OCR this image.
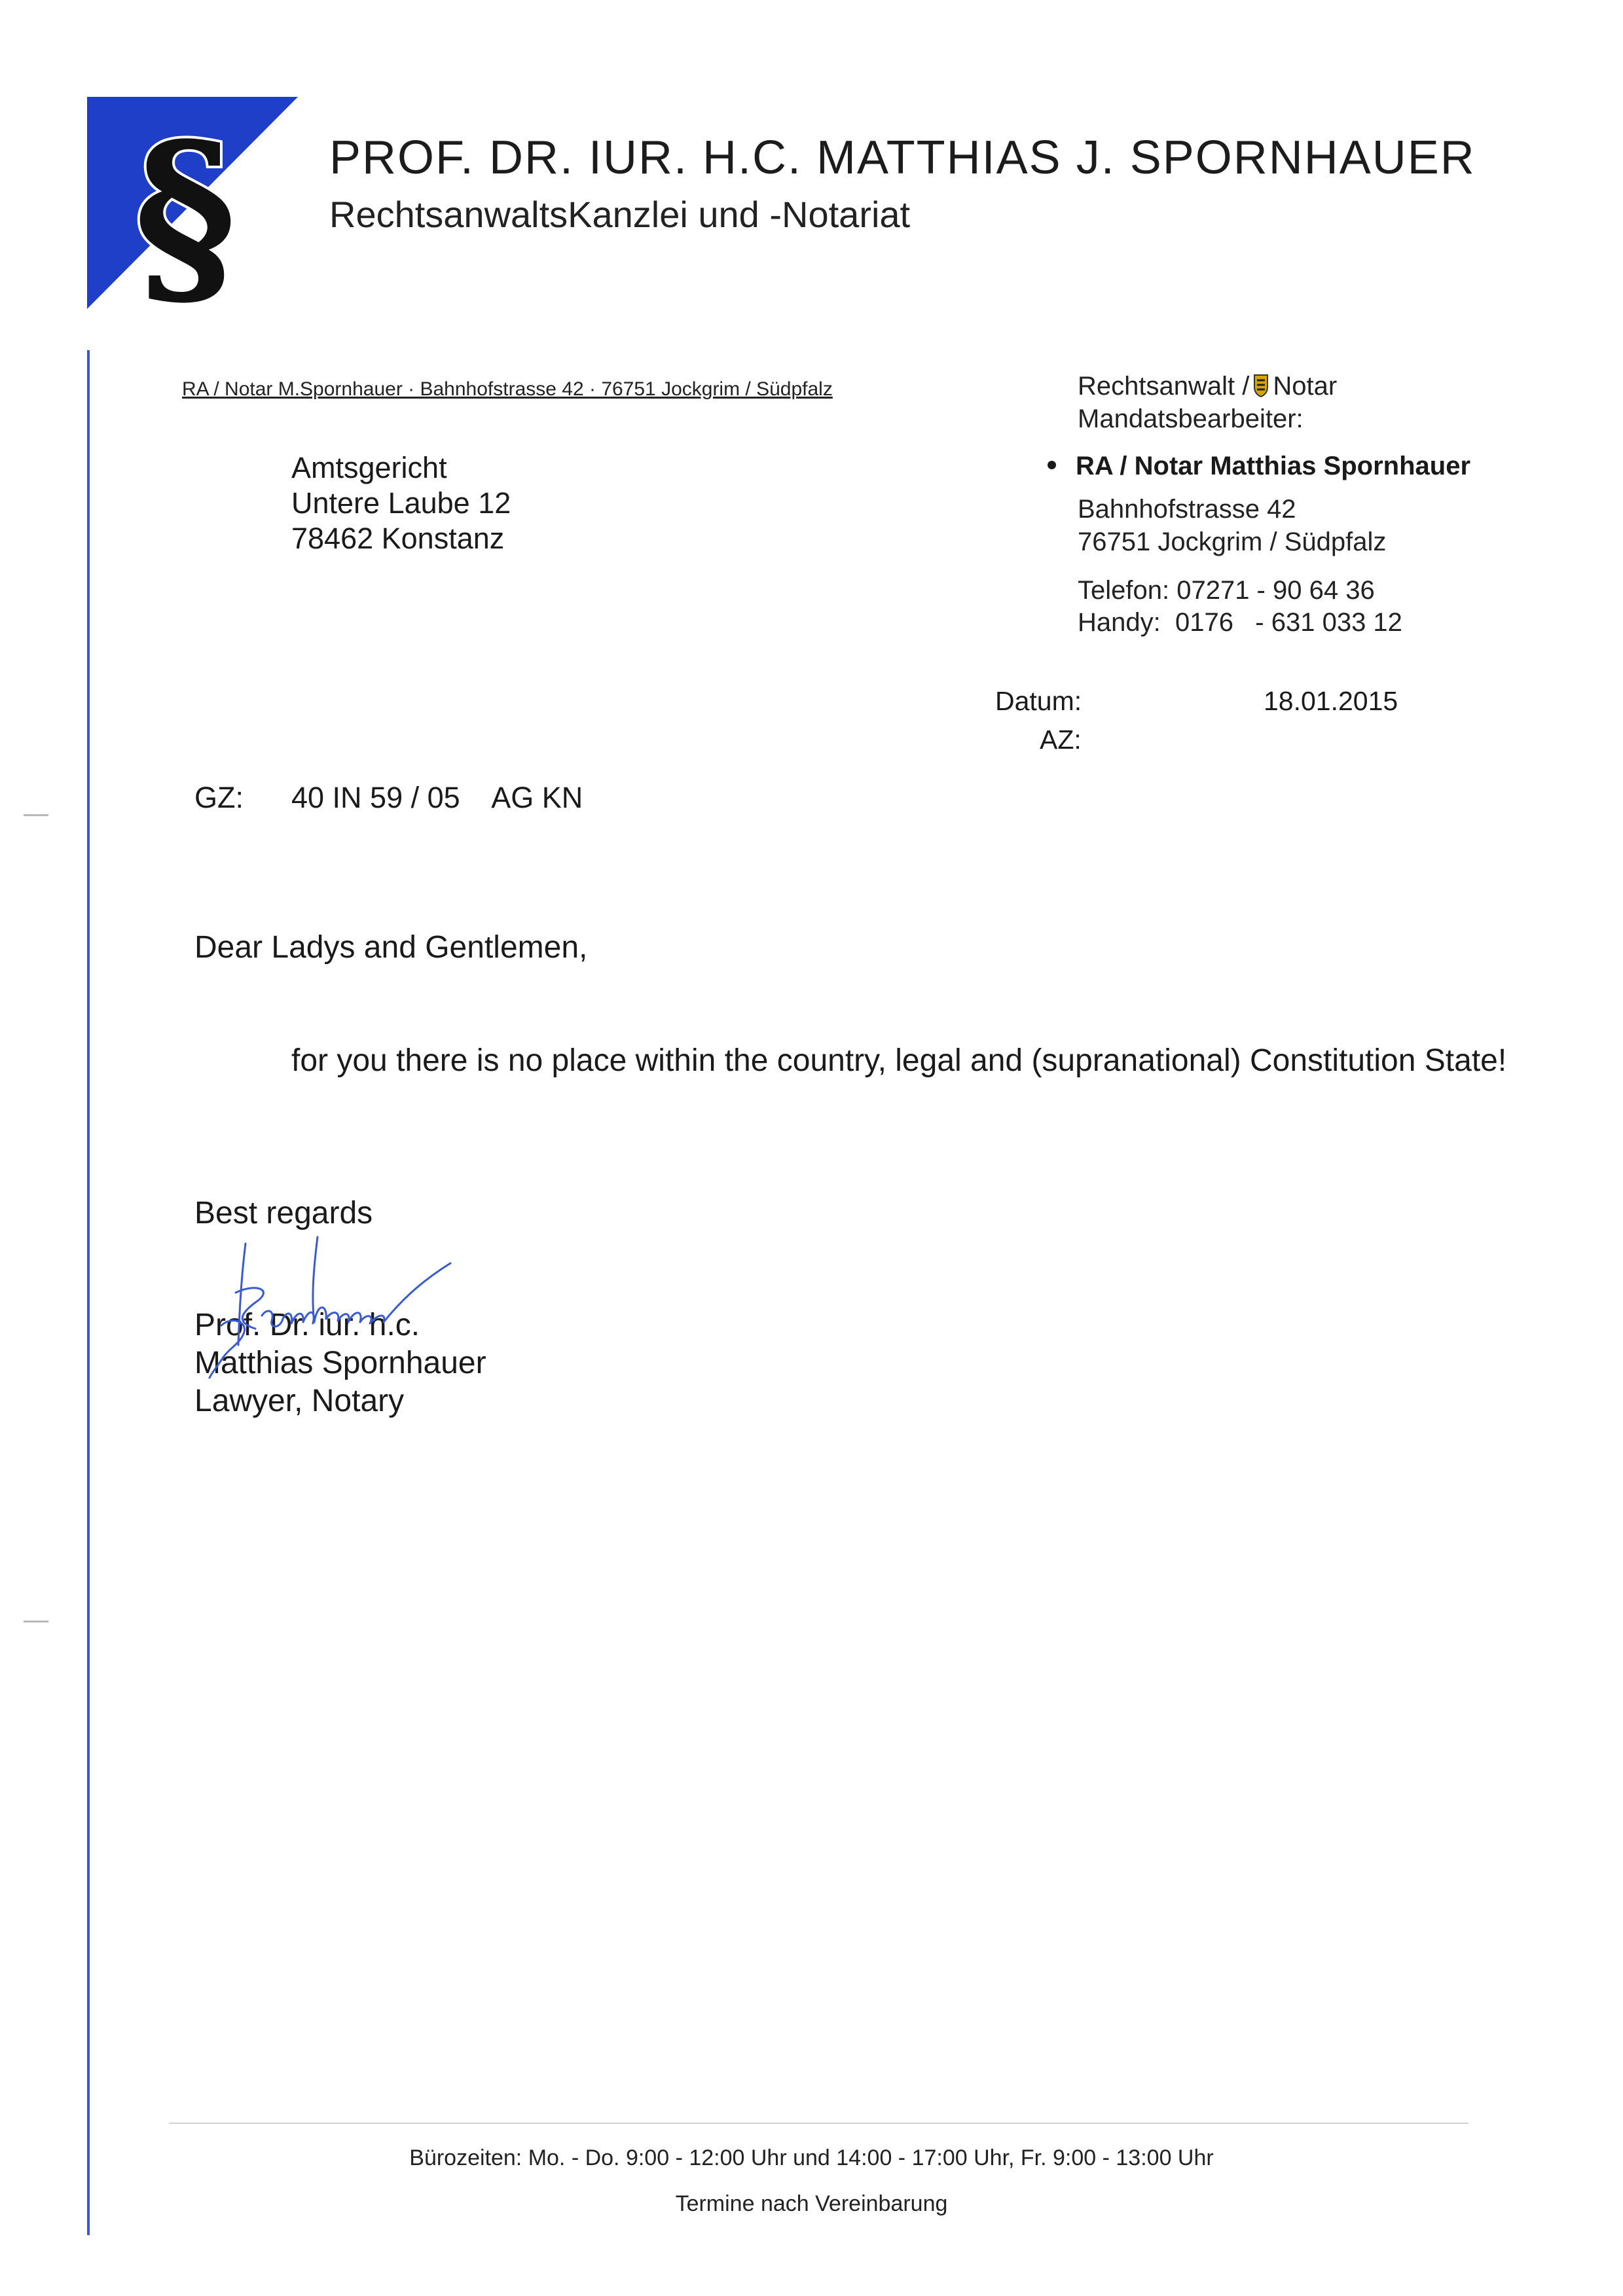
§ PROF. DR. IUR. H.C. MATTHIAS J. SPORNHAUER
RechtsanwaltsKanzlei und -Notariat
RA / Notar M.Spornhauer · Bahnhofstrasse 42 · 76751 Jockgrim / Südpfalz
Amtsgericht
Untere Laube 12
78462 Konstanz
Rechtsanwalt / Notar
Mandatsbearbeiter:
RA / Notar Matthias Spornhauer
Bahnhofstrasse 42
76751 Jockgrim / Südpfalz
Telefon: 07271 - 90 64 36
Handy:  0176   - 631 033 12
Datum:	18.01.2015
AZ:
GZ: 40 IN 59 / 05    AG KN
Dear Ladys and Gentlemen,
for you there is no place within the country, legal and (supranational) Constitution State!
Best regards
Prof. Dr. iur. h.c.
Matthias Spornhauer
Lawyer, Notary
Bürozeiten: Mo. - Do. 9:00 - 12:00 Uhr und 14:00 - 17:00 Uhr, Fr. 9:00 - 13:00 Uhr
Termine nach Vereinbarung
